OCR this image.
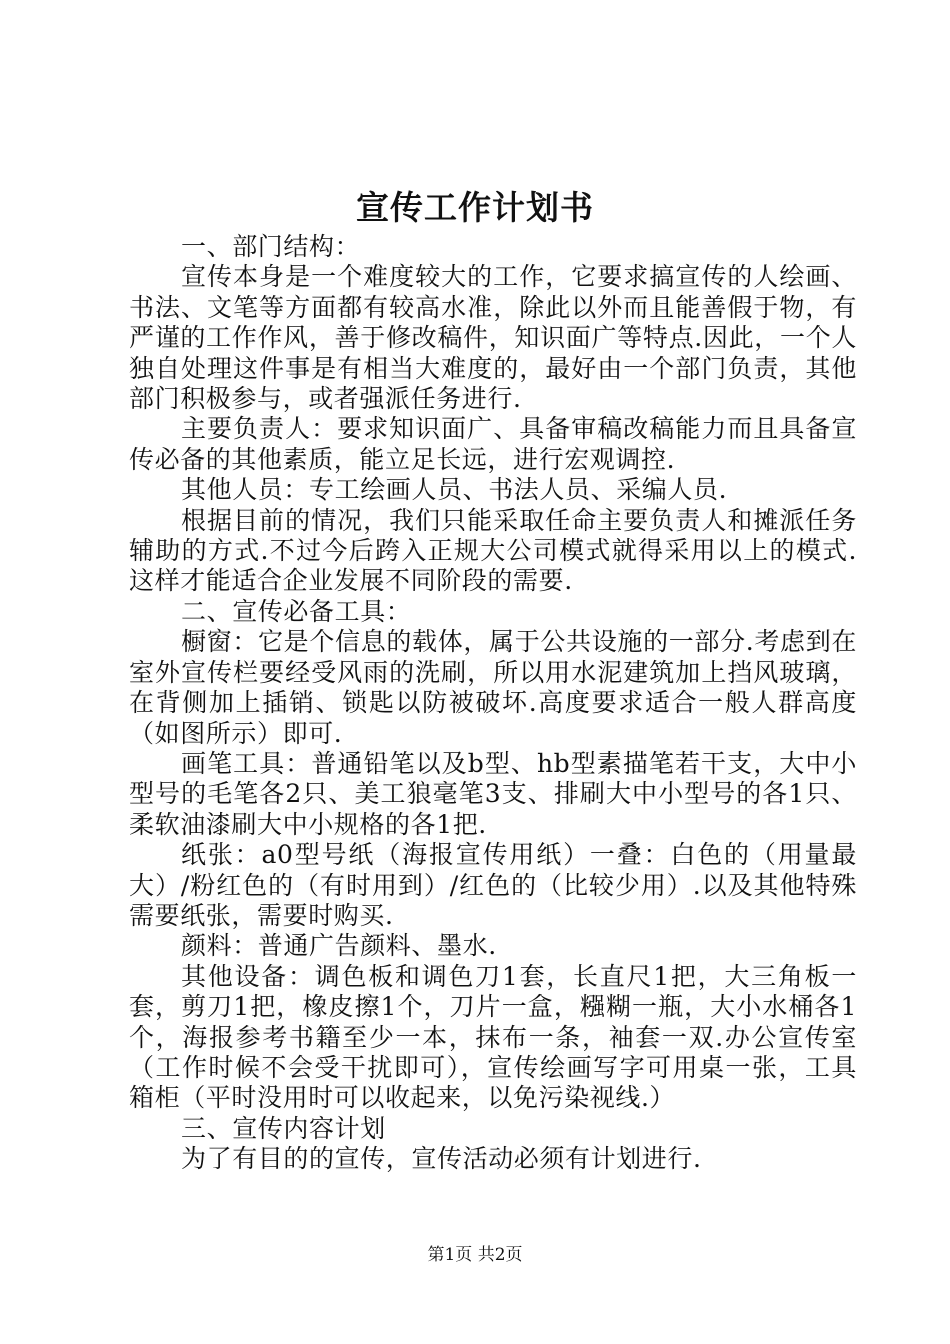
宣传工作计划书

一、部门结构：

宣传本身是一个难度较大的工作，它要求搞宣传的人绘画、书法、文笔等方面都有较高水准，除此以外而且能善假于物，有严谨的工作作风，善于修改稿件，知识面广等特点.因此，一个人独自处理这件事是有相当大难度的，最好由一个部门负责，其他部门积极参与，或者强派任务进行.

主要负责人：要求知识面广、具备审稿改稿能力而且具备宣传必备的其他素质，能立足长远，进行宏观调控.

其他人员：专工绘画人员、书法人员、采编人员.

根据目前的情况，我们只能采取任命主要负责人和摊派任务辅助的方式.不过今后跨入正规大公司模式就得采用以上的模式.这样才能适合企业发展不同阶段的需要.

二、宣传必备工具：

橱窗：它是个信息的载体，属于公共设施的一部分.考虑到在室外宣传栏要经受风雨的洗刷，所以用水泥建筑加上挡风玻璃，在背侧加上插销、锁匙以防被破坏.高度要求适合一般人群高度（如图所示）即可.

画笔工具：普通铅笔以及b型、hb型素描笔若干支，大中小型号的毛笔各2只、美工狼毫笔3支、排刷大中小型号的各1只、柔软油漆刷大中小规格的各1把.

纸张：a0型号纸（海报宣传用纸）一叠：白色的（用量最大）/粉红色的（有时用到）/红色的（比较少用）.以及其他特殊需要纸张，需要时购买.

颜料：普通广告颜料、墨水.

其他设备：调色板和调色刀1套，长直尺1把，大三角板一套，剪刀1把，橡皮擦1个，刀片一盒，糨糊一瓶，大小水桶各1个，海报参考书籍至少一本，抹布一条，袖套一双.办公宣传室（工作时候不会受干扰即可），宣传绘画写字可用桌一张，工具箱柜（平时没用时可以收起来，以免污染视线.）

三、宣传内容计划

为了有目的的宣传，宣传活动必须有计划进行.

第1页 共2页
